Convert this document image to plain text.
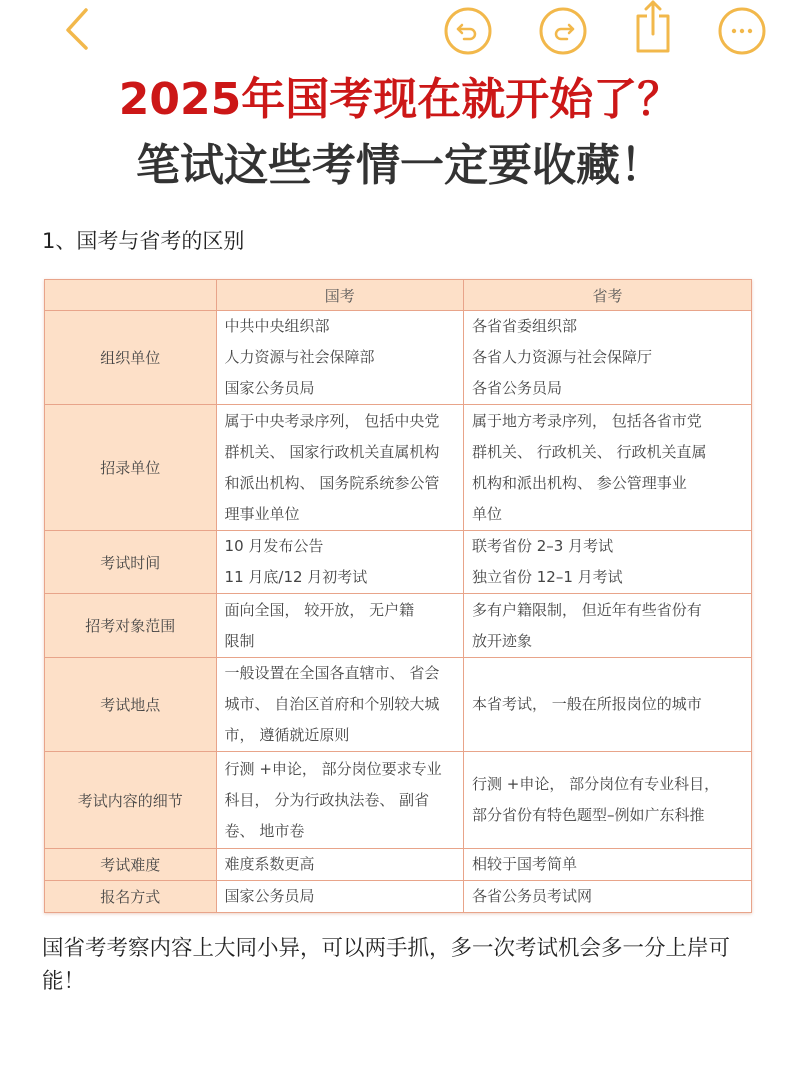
2025年国考现在就开始了？
笔试这些考情一定要收藏！
1、国考与省考的区别
	国考	省考
组织单位	中共中央组织部
人力资源与社会保障部
国家公务员局	各省省委组织部
各省人力资源与社会保障厅
各省公务员局

招录单位	属于中央考录序列， 包括中央党
群机关、 国家行政机关直属机构
和派出机构、 国务院系统参公管
理事业单位	属于地方考录序列， 包括各省市党
群机关、 行政机关、 行政机关直属
机构和派出机构、 参公管理事业
单位

考试时间	10 月发布公告
11 月底/12 月初考试	联考省份 2–3 月考试
独立省份 12–1 月考试

招考对象范围	面向全国， 较开放， 无户籍
限制	多有户籍限制， 但近年有些省份有
放开迹象

考试地点	一般设置在全国各直辖市、 省会
城市、 自治区首府和个别较大城
市， 遵循就近原则	本省考试， 一般在所报岗位的城市

考试内容的细节	行测 +申论， 部分岗位要求专业
科目， 分为行政执法卷、 副省
卷、 地市卷	行测 +申论， 部分岗位有专业科目，
部分省份有特色题型–例如广东科推

考试难度	难度系数更高	相较于国考简单

报名方式	国家公务员局	各省公务员考试网
国省考考察内容上大同小异，可以两手抓，多一次考试机会多一分上岸可能！
